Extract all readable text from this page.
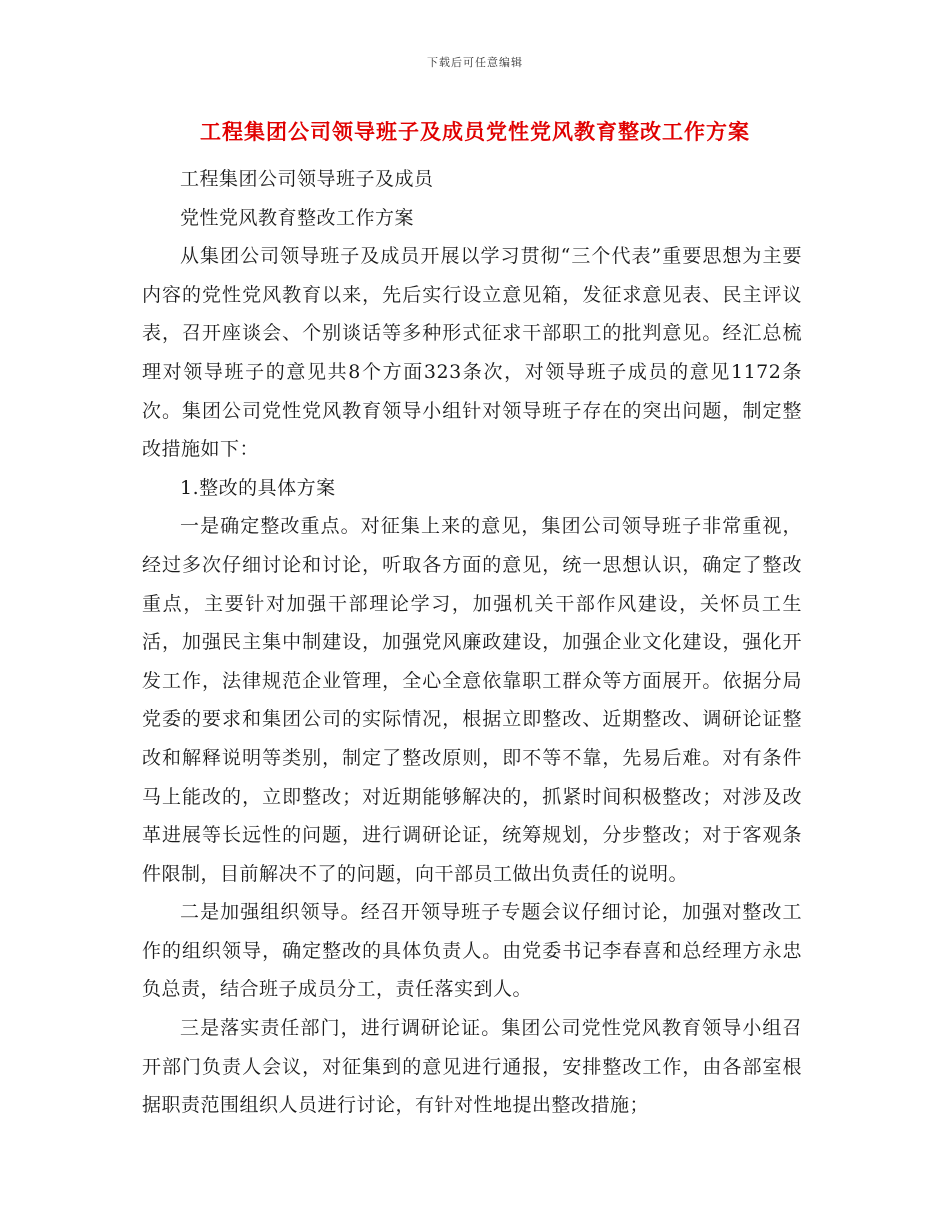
下载后可任意编辑
工程集团公司领导班子及成员党性党风教育整改工作方案

工程集团公司领导班子及成员

党性党风教育整改工作方案

从集团公司领导班子及成员开展以学习贯彻“三个代表”重要思想为主要内容的党性党风教育以来，先后实行设立意见箱，发征求意见表、民主评议表，召开座谈会、个别谈话等多种形式征求干部职工的批判意见。经汇总梳理对领导班子的意见共8个方面323条次，对领导班子成员的意见1172条次。集团公司党性党风教育领导小组针对领导班子存在的突出问题，制定整改措施如下：

1.整改的具体方案

一是确定整改重点。对征集上来的意见，集团公司领导班子非常重视，经过多次仔细讨论和讨论，听取各方面的意见，统一思想认识，确定了整改重点，主要针对加强干部理论学习，加强机关干部作风建设，关怀员工生活，加强民主集中制建设，加强党风廉政建设，加强企业文化建设，强化开发工作，法律规范企业管理，全心全意依靠职工群众等方面展开。依据分局党委的要求和集团公司的实际情况，根据立即整改、近期整改、调研论证整改和解释说明等类别，制定了整改原则，即不等不靠，先易后难。对有条件马上能改的，立即整改；对近期能够解决的，抓紧时间积极整改；对涉及改革进展等长远性的问题，进行调研论证，统筹规划，分步整改；对于客观条件限制，目前解决不了的问题，向干部员工做出负责任的说明。

二是加强组织领导。经召开领导班子专题会议仔细讨论，加强对整改工作的组织领导，确定整改的具体负责人。由党委书记李春喜和总经理方永忠负总责，结合班子成员分工，责任落实到人。

三是落实责任部门，进行调研论证。集团公司党性党风教育领导小组召开部门负责人会议，对征集到的意见进行通报，安排整改工作，由各部室根据职责范围组织人员进行讨论，有针对性地提出整改措施；
